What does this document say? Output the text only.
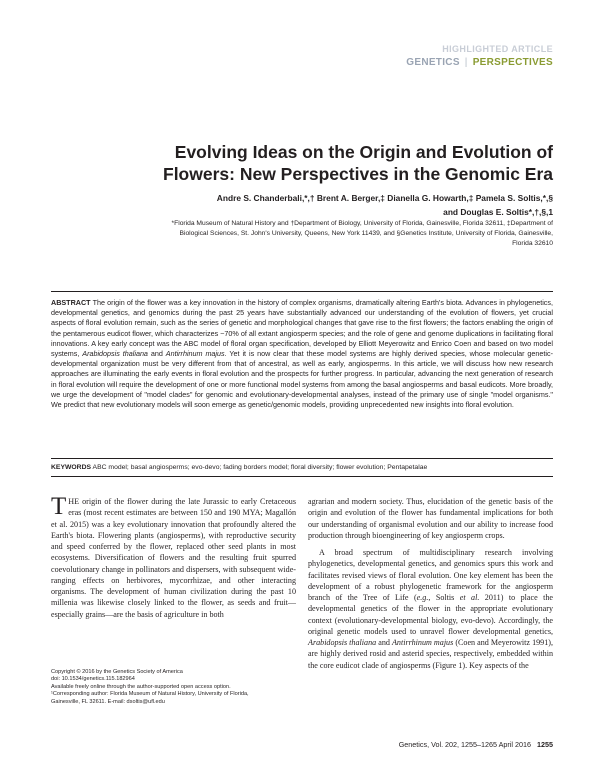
HIGHLIGHTED ARTICLE
GENETICS | PERSPECTIVES
Evolving Ideas on the Origin and Evolution of
Flowers: New Perspectives in the Genomic Era
Andre S. Chanderbali,*,† Brent A. Berger,‡ Dianella G. Howarth,‡ Pamela S. Soltis,*,§
and Douglas E. Soltis*,†,§,1
*Florida Museum of Natural History and †Department of Biology, University of Florida, Gainesville, Florida 32611, ‡Department of
Biological Sciences, St. John's University, Queens, New York 11439, and §Genetics Institute, University of Florida, Gainesville,
Florida 32610
ABSTRACT The origin of the flower was a key innovation in the history of complex organisms, dramatically altering Earth's biota. Advances in phylogenetics, developmental genetics, and genomics during the past 25 years have substantially advanced our understanding of the evolution of flowers, yet crucial aspects of floral evolution remain, such as the series of genetic and morphological changes that gave rise to the first flowers; the factors enabling the origin of the pentamerous eudicot flower, which characterizes ~70% of all extant angiosperm species; and the role of gene and genome duplications in facilitating floral innovations. A key early concept was the ABC model of floral organ specification, developed by Elliott Meyerowitz and Enrico Coen and based on two model systems, Arabidopsis thaliana and Antirrhinum majus. Yet it is now clear that these model systems are highly derived species, whose molecular genetic-developmental organization must be very different from that of ancestral, as well as early, angiosperms. In this article, we will discuss how new research approaches are illuminating the early events in floral evolution and the prospects for further progress. In particular, advancing the next generation of research in floral evolution will require the development of one or more functional model systems from among the basal angiosperms and basal eudicots. More broadly, we urge the development of "model clades" for genomic and evolutionary-developmental analyses, instead of the primary use of single "model organisms." We predict that new evolutionary models will soon emerge as genetic/genomic models, providing unprecedented new insights into floral evolution.
KEYWORDS ABC model; basal angiosperms; evo-devo; fading borders model; floral diversity; flower evolution; Pentapetalae

THE origin of the flower during the late Jurassic to early Cretaceous eras (most recent estimates are between 150 and 190 MYA; Magallón et al. 2015) was a key evolutionary innovation that profoundly altered the Earth's biota. Flowering plants (angiosperms), with reproductive security and speed conferred by the flower, replaced other seed plants in most ecosystems. Diversification of flowers and the resulting fruit spurred coevolutionary change in pollinators and dispersers, with subsequent wide-ranging effects on herbivores, mycorrhizae, and other interacting organisms. The development of human civilization during the past 10 millenia was likewise closely linked to the flower, as seeds and fruit—especially grains—are the basis of agriculture in both

agrarian and modern society. Thus, elucidation of the genetic basis of the origin and evolution of the flower has fundamental implications for both our understanding of organismal evolution and our ability to increase food production through bioengineering of key angiosperm crops.

A broad spectrum of multidisciplinary research involving phylogenetics, developmental genetics, and genomics spurs this work and facilitates revised views of floral evolution. One key element has been the development of a robust phylogenetic framework for the angiosperm branch of the Tree of Life (e.g., Soltis et al. 2011) to place the developmental genetics of the flower in the appropriate evolutionary context (evolutionary-developmental biology, evo-devo). Accordingly, the original genetic models used to unravel flower developmental genetics, Arabidopsis thaliana and Antirrhinum majus (Coen and Meyerowitz 1991), are highly derived rosid and asterid species, respectively, embedded within the core eudicot clade of angiosperms (Figure 1). Key aspects of the

Copyright © 2016 by the Genetics Society of America
doi: 10.1534/genetics.115.182964
Available freely online through the author-supported open access option.
¹Corresponding author: Florida Museum of Natural History, University of Florida,
Gainesville, FL 32611. E-mail: dsoltis@ufl.edu
Genetics, Vol. 202, 1255–1265 April 2016 1255
